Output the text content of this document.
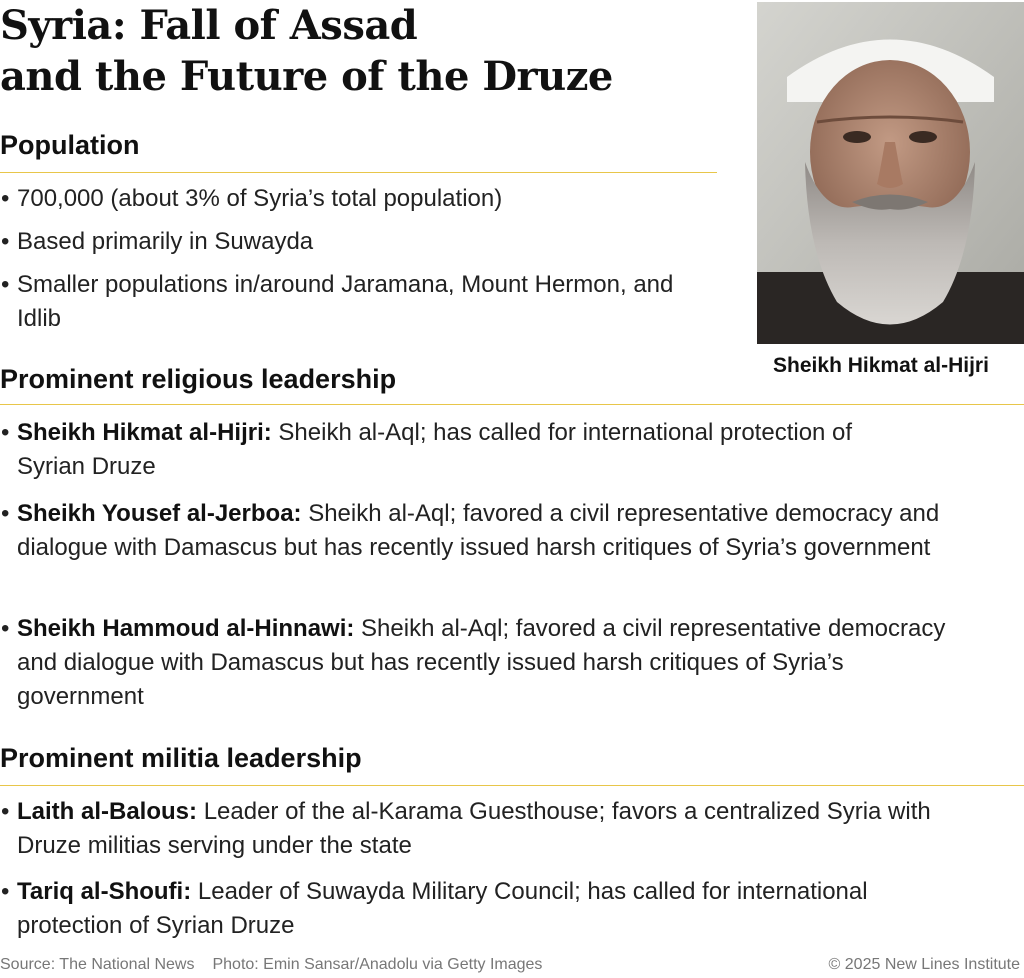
Syria: Fall of Assad
and the Future of the Druze
Sheikh Hikmat al-Hijri
Population
• 700,000 (about 3% of Syria’s total population)
• Based primarily in Suwayda
• Smaller populations in/around Jaramana, Mount Hermon, and Idlib
Prominent religious leadership
• Sheikh Hikmat al-Hijri: Sheikh al-Aql; has called for international protection of Syrian Druze
• Sheikh Yousef al-Jerboa: Sheikh al-Aql; favored a civil representative democracy and dialogue with Damascus but has recently issued harsh critiques of Syria’s government
• Sheikh Hammoud al-Hinnawi: Sheikh al-Aql; favored a civil representative democracy and dialogue with Damascus but has recently issued harsh critiques of Syria’s government
Prominent militia leadership
• Laith al-Balous: Leader of the al-Karama Guesthouse; favors a centralized Syria with Druze militias serving under the state
• Tariq al-Shoufi: Leader of Suwayda Military Council; has called for international protection of Syrian Druze
Source: The National News Photo: Emin Sansar/Anadolu via Getty Images	© 2025 New Lines Institute
